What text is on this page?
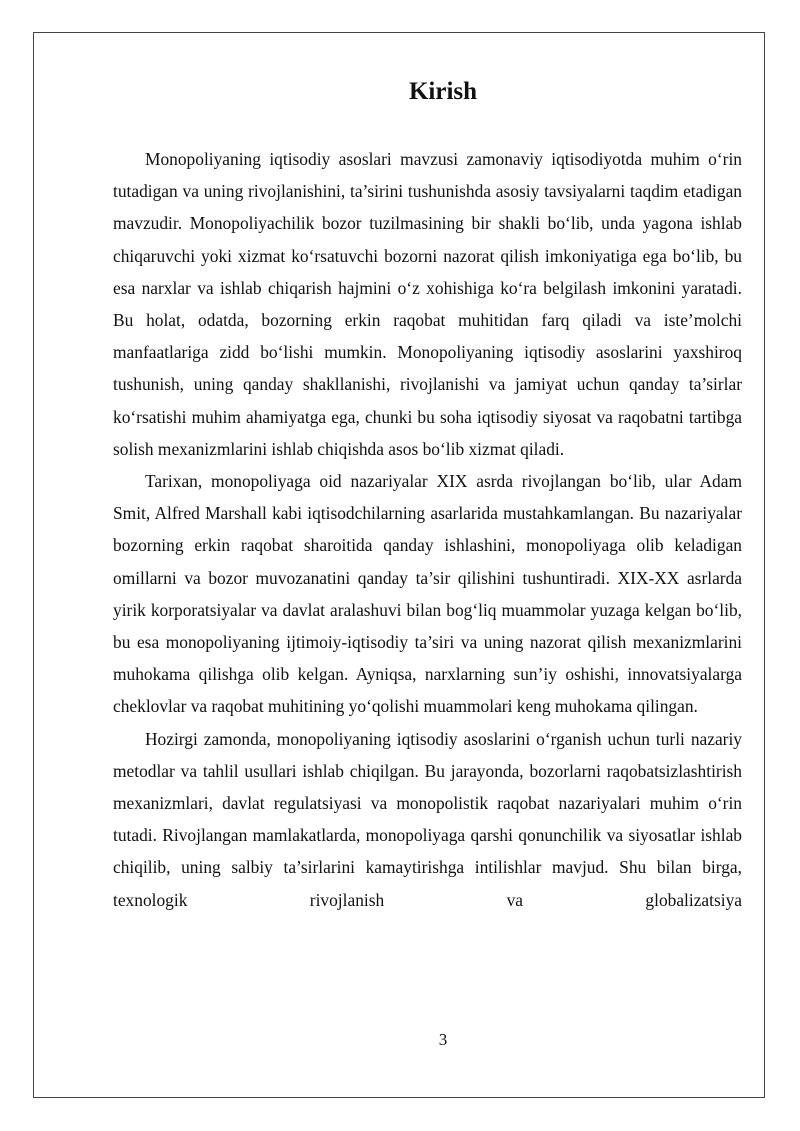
Kirish

Monopoliyaning iqtisodiy asoslari mavzusi zamonaviy iqtisodiyotda muhim o‘rin tutadigan va uning rivojlanishini, ta’sirini tushunishda asosiy tavsiyalarni taqdim etadigan mavzudir. Monopoliyachilik bozor tuzilmasining bir shakli bo‘lib, unda yagona ishlab chiqaruvchi yoki xizmat ko‘rsatuvchi bozorni nazorat qilish imkoniyatiga ega bo‘lib, bu esa narxlar va ishlab chiqarish hajmini o‘z xohishiga ko‘ra belgilash imkonini yaratadi. Bu holat, odatda, bozorning erkin raqobat muhitidan farq qiladi va iste’molchi manfaatlariga zidd bo‘lishi mumkin. Monopoliyaning iqtisodiy asoslarini yaxshiroq tushunish, uning qanday shakllanishi, rivojlanishi va jamiyat uchun qanday ta’sirlar ko‘rsatishi muhim ahamiyatga ega, chunki bu soha iqtisodiy siyosat va raqobatni tartibga solish mexanizmlarini ishlab chiqishda asos bo‘lib xizmat qiladi.

Tarixan, monopoliyaga oid nazariyalar XIX asrda rivojlangan bo‘lib, ular Adam Smit, Alfred Marshall kabi iqtisodchilarning asarlarida mustahkamlangan. Bu nazariyalar bozorning erkin raqobat sharoitida qanday ishlashini, monopoliyaga olib keladigan omillarni va bozor muvozanatini qanday ta’sir qilishini tushuntiradi. XIX-XX asrlarda yirik korporatsiyalar va davlat aralashuvi bilan bog‘liq muammolar yuzaga kelgan bo‘lib, bu esa monopoliyaning ijtimoiy-iqtisodiy ta’siri va uning nazorat qilish mexanizmlarini muhokama qilishga olib kelgan. Ayniqsa, narxlarning sun’iy oshishi, innovatsiyalarga cheklovlar va raqobat muhitining yo‘qolishi muammolari keng muhokama qilingan.

Hozirgi zamonda, monopoliyaning iqtisodiy asoslarini o‘rganish uchun turli nazariy metodlar va tahlil usullari ishlab chiqilgan. Bu jarayonda, bozorlarni raqobatsizlashtirish mexanizmlari, davlat regulatsiyasi va monopolistik raqobat nazariyalari muhim o‘rin tutadi. Rivojlangan mamlakatlarda, monopoliyaga qarshi qonunchilik va siyosatlar ishlab chiqilib, uning salbiy ta’sirlarini kamaytirishga intilishlar mavjud. Shu bilan birga, texnologik rivojlanish va globalizatsiya

3
